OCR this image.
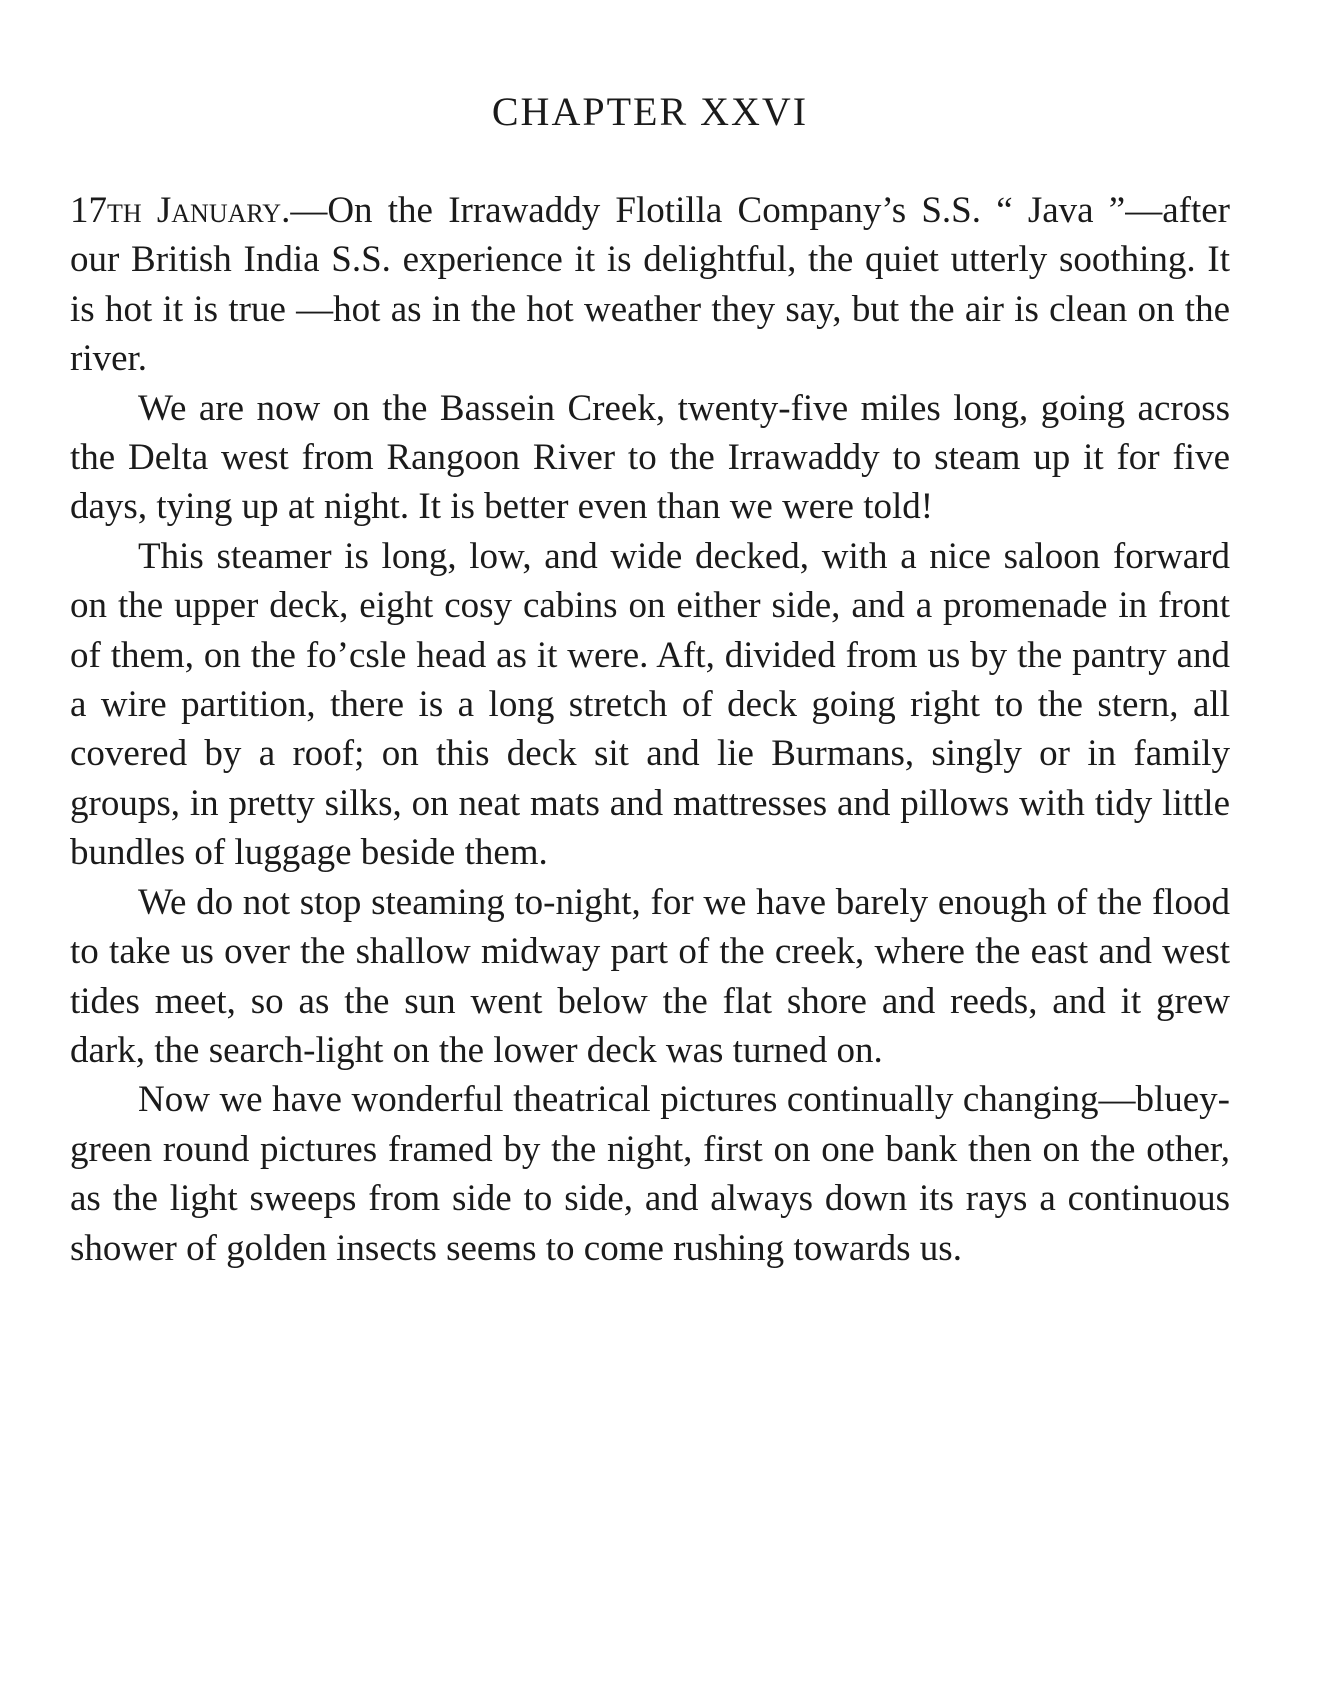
CHAPTER XXVI

17th January.—On the Irrawaddy Flotilla Company’s S.S. “ Java ”—after our British India S.S. experience it is delightful, the quiet utterly soothing. It is hot it is true —hot as in the hot weather they say, but the air is clean on the river.

We are now on the Bassein Creek, twenty-five miles long, going across the Delta west from Rangoon River to the Irrawaddy to steam up it for five days, tying up at night. It is better even than we were told!

This steamer is long, low, and wide decked, with a nice saloon forward on the upper deck, eight cosy cabins on either side, and a promenade in front of them, on the fo’csle head as it were. Aft, divided from us by the pantry and a wire partition, there is a long stretch of deck going right to the stern, all covered by a roof; on this deck sit and lie Burmans, singly or in family groups, in pretty silks, on neat mats and mattresses and pillows with tidy little bundles of luggage beside them.

We do not stop steaming to-night, for we have barely enough of the flood to take us over the shallow midway part of the creek, where the east and west tides meet, so as the sun went below the flat shore and reeds, and it grew dark, the search-light on the lower deck was turned on.

Now we have wonderful theatrical pictures continually changing—bluey-green round pictures framed by the night, first on one bank then on the other, as the light sweeps from side to side, and always down its rays a continuous shower of golden insects seems to come rushing towards us.
